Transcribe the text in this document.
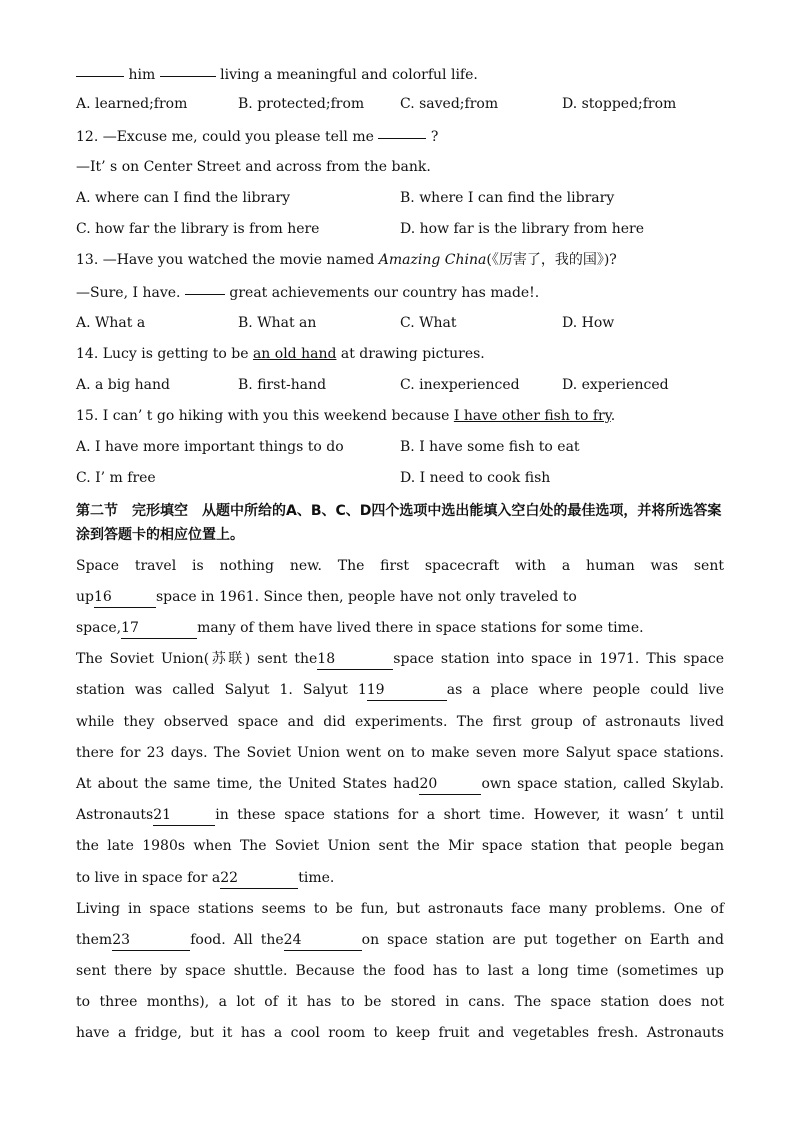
him	living a meaningful and colorful life.
A. learned;from	B. protected;from	C. saved;from	D. stopped;from
12. —Excuse me, could you please tell me	?
—It’ s on Center Street and across from the bank.
A. where can I find the library	B. where I can find the library
C. how far the library is from here	D. how far is the library from here
13. —Have you watched the movie named Amazing China(《厉害了，我的国》)?
—Sure, I have.	great achievements our country has made!.
A. What a	B. What an	C. What	D. How
14. Lucy is getting to be an old hand at drawing pictures.
A. a big hand	B. first-hand	C. inexperienced	D. experienced
15. I can’ t go hiking with you this weekend because I have other fish to fry.
A. I have more important things to do	B. I have some fish to eat
C. I’ m free	D. I need to cook fish
第二节　完形填空　从题中所给的A、B、C、D四个选项中选出能填入空白处的最佳选项，并将所选答案涂到答题卡的相应位置上。
Space travel is nothing new. The first spacecraft with a human was sent
up16	space in 1961. Since then, people have not only traveled to
space,17	many of them have lived there in space stations for some time.
The Soviet Union(苏联) sent the18	space station into space in 1971. This space
station was called Salyut 1. Salyut 119	as a place where people could live
while they observed space and did experiments. The first group of astronauts lived
there for 23 days. The Soviet Union went on to make seven more Salyut space stations.
At about the same time, the United States had20	own space station, called Skylab.
Astronauts21	in these space stations for a short time. However, it wasn’ t until
the late 1980s when The Soviet Union sent the Mir space station that people began
to live in space for a22	time.
Living in space stations seems to be fun, but astronauts face many problems. One of
them23	food. All the24	on space station are put together on Earth and
sent there by space shuttle. Because the food has to last a long time (sometimes up
to three months), a lot of it has to be stored in cans. The space station does not
have a fridge, but it has a cool room to keep fruit and vegetables fresh. Astronauts
